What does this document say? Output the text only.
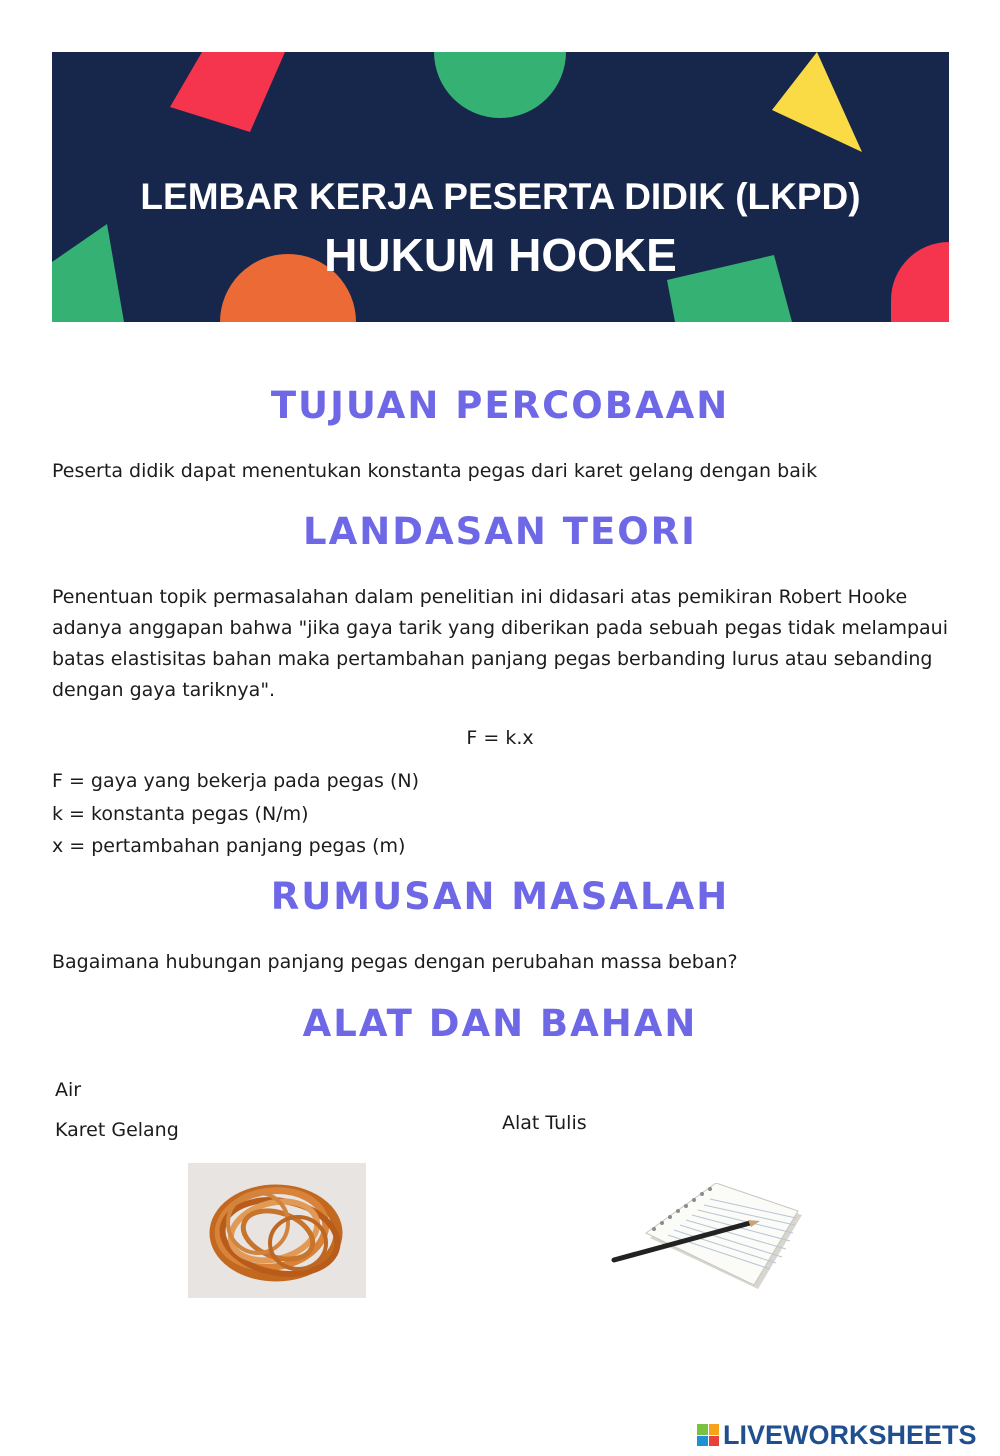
LEMBAR KERJA PESERTA DIDIK (LKPD)

HUKUM HOOKE

TUJUAN PERCOBAAN

Peserta didik dapat menentukan konstanta pegas dari karet gelang dengan baik

LANDASAN TEORI
Penentuan topik permasalahan dalam penelitian ini didasari atas pemikiran Robert Hooke
adanya anggapan bahwa "jika gaya tarik yang diberikan pada sebuah pegas tidak melampaui
batas elastisitas bahan maka pertambahan panjang pegas berbanding lurus atau sebanding
dengan gaya tariknya".
F = k.x
F = gaya yang bekerja pada pegas (N)
k = konstanta pegas (N/m)
x = pertambahan panjang pegas (m)
RUMUSAN MASALAH

Bagaimana hubungan panjang pegas dengan perubahan massa beban?

ALAT DAN BAHAN
Air
Karet Gelang	Alat Tulis
LIVEWORKSHEETS
